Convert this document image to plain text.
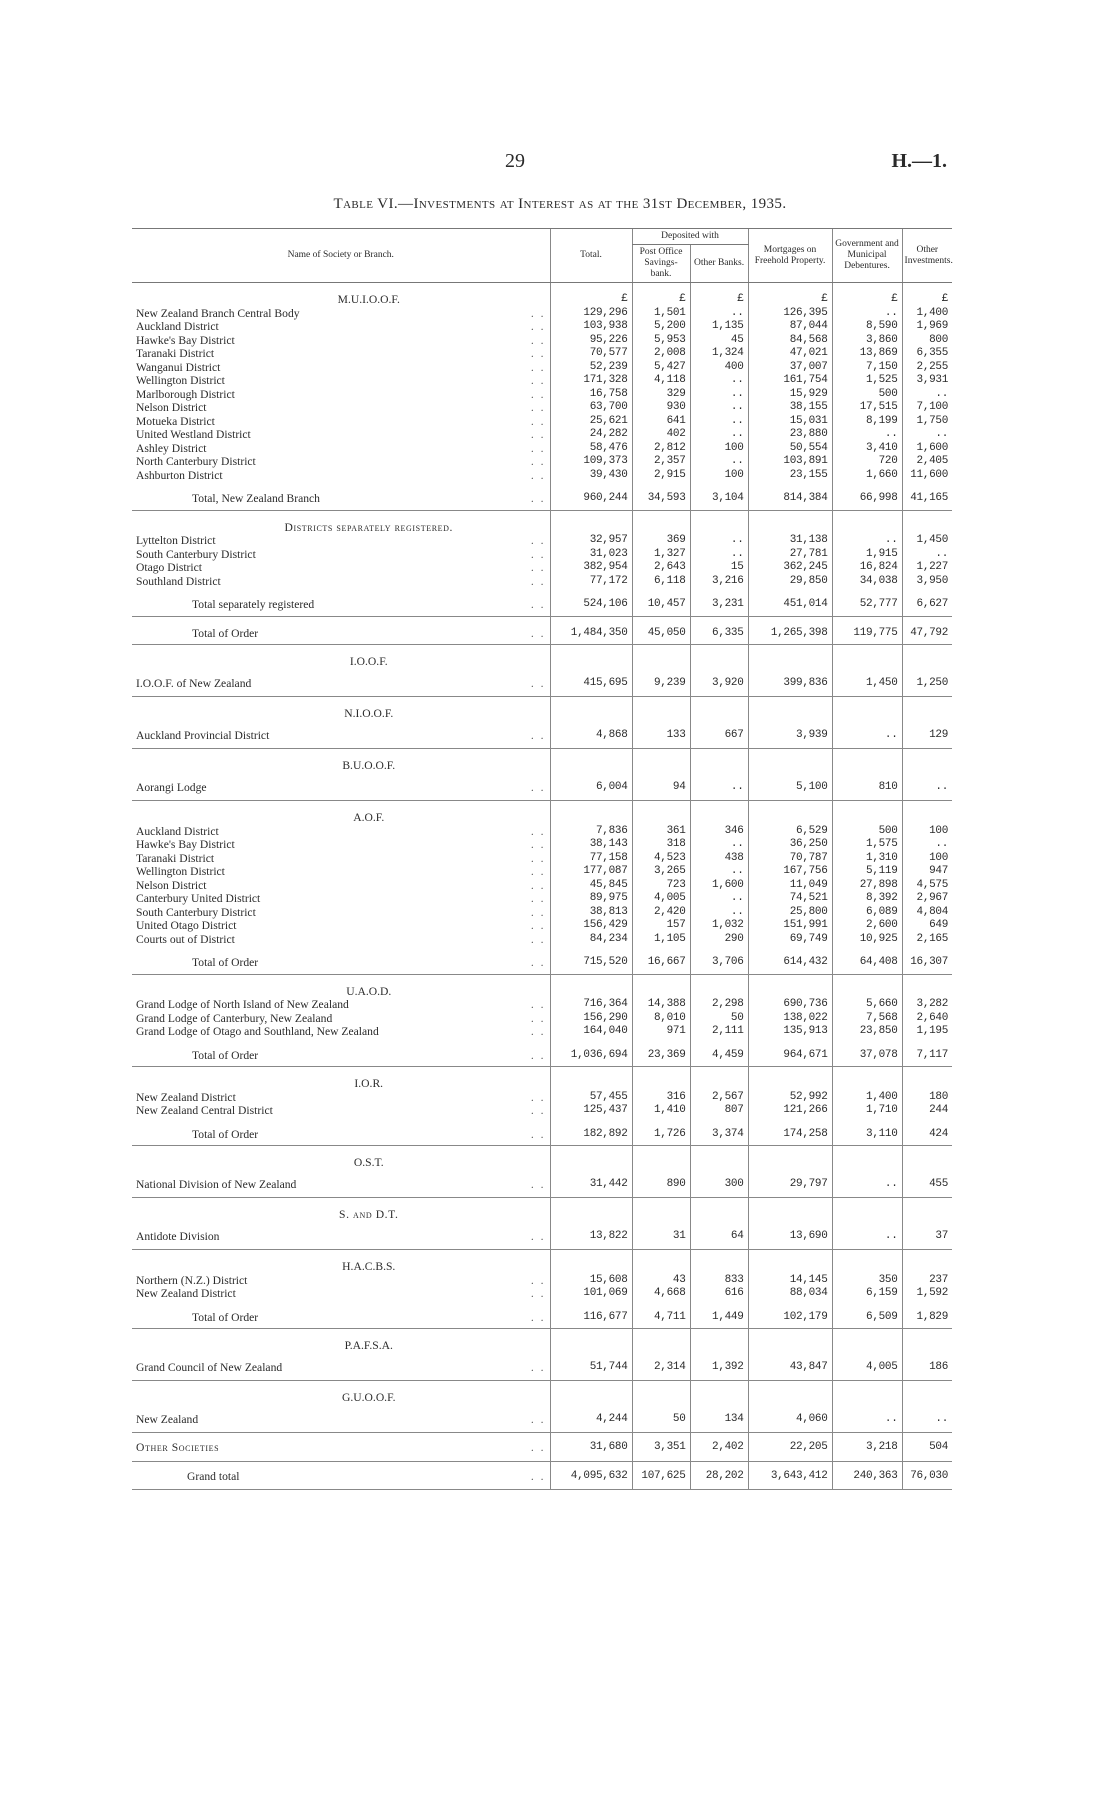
29	H.—1.
Table VI.—Investments at Interest as at the 31st December, 1935.
Name of Society or Branch.		Total.	Deposited with		Mortgages on Freehold Property.	Government and Municipal Debentures.	Other Investments.
			Post Office Savings-bank.	Other Banks.			
M.U.I.O.O.F.		£	£	£	£	£	£
New Zealand Branch Central Body	. .	129,296	1,501	..	126,395	..	1,400
Auckland District	. .	103,938	5,200	1,135	87,044	8,590	1,969
Hawke's Bay District	. .	95,226	5,953	45	84,568	3,860	800
Taranaki District	. .	70,577	2,008	1,324	47,021	13,869	6,355
Wanganui District	. .	52,239	5,427	400	37,007	7,150	2,255
Wellington District	. .	171,328	4,118	..	161,754	1,525	3,931
Marlborough District	. .	16,758	329	..	15,929	500	..
Nelson District	. .	63,700	930	..	38,155	17,515	7,100
Motueka District	. .	25,621	641	..	15,031	8,199	1,750
United Westland District	. .	24,282	402	..	23,880	..	..
Ashley District	. .	58,476	2,812	100	50,554	3,410	1,600
North Canterbury District	. .	109,373	2,357	..	103,891	720	2,405
Ashburton District	. .	39,430	2,915	100	23,155	1,660	11,600
Total, New Zealand Branch	. .	960,244	34,593	3,104	814,384	66,998	41,165
Districts separately registered.							
Lyttelton District	. .	32,957	369	..	31,138	..	1,450
South Canterbury District	. .	31,023	1,327	..	27,781	1,915	..
Otago District	. .	382,954	2,643	15	362,245	16,824	1,227
Southland District	. .	77,172	6,118	3,216	29,850	34,038	3,950
Total separately registered	. .	524,106	10,457	3,231	451,014	52,777	6,627
Total of Order	. .	1,484,350	45,050	6,335	1,265,398	119,775	47,792
I.O.O.F.							
I.O.O.F. of New Zealand	. .	415,695	9,239	3,920	399,836	1,450	1,250
N.I.O.O.F.							
Auckland Provincial District	. .	4,868	133	667	3,939	..	129
B.U.O.O.F.							
Aorangi Lodge	. .	6,004	94	..	5,100	810	..
A.O.F.							
Auckland District	. .	7,836	361	346	6,529	500	100
Hawke's Bay District	. .	38,143	318	..	36,250	1,575	..
Taranaki District	. .	77,158	4,523	438	70,787	1,310	100
Wellington District	. .	177,087	3,265	..	167,756	5,119	947
Nelson District	. .	45,845	723	1,600	11,049	27,898	4,575
Canterbury United District	. .	89,975	4,005	..	74,521	8,392	2,967
South Canterbury District	. .	38,813	2,420	..	25,800	6,089	4,804
United Otago District	. .	156,429	157	1,032	151,991	2,600	649
Courts out of District	. .	84,234	1,105	290	69,749	10,925	2,165
Total of Order	. .	715,520	16,667	3,706	614,432	64,408	16,307
U.A.O.D.							
Grand Lodge of North Island of New Zealand	. .	716,364	14,388	2,298	690,736	5,660	3,282
Grand Lodge of Canterbury, New Zealand	. .	156,290	8,010	50	138,022	7,568	2,640
Grand Lodge of Otago and Southland, New Zealand	. .	164,040	971	2,111	135,913	23,850	1,195
Total of Order	. .	1,036,694	23,369	4,459	964,671	37,078	7,117
I.O.R.							
New Zealand District	. .	57,455	316	2,567	52,992	1,400	180
New Zealand Central District	. .	125,437	1,410	807	121,266	1,710	244
Total of Order	. .	182,892	1,726	3,374	174,258	3,110	424
O.S.T.							
National Division of New Zealand	. .	31,442	890	300	29,797	..	455
S. and D.T.							
Antidote Division	. .	13,822	31	64	13,690	..	37
H.A.C.B.S.							
Northern (N.Z.) District	. .	15,608	43	833	14,145	350	237
New Zealand District	. .	101,069	4,668	616	88,034	6,159	1,592
Total of Order	. .	116,677	4,711	1,449	102,179	6,509	1,829
P.A.F.S.A.							
Grand Council of New Zealand	. .	51,744	2,314	1,392	43,847	4,005	186
G.U.O.O.F.							
New Zealand	. .	4,244	50	134	4,060	..	..
Other Societies	. .	31,680	3,351	2,402	22,205	3,218	504
Grand total	. .	4,095,632	107,625	28,202	3,643,412	240,363	76,030
